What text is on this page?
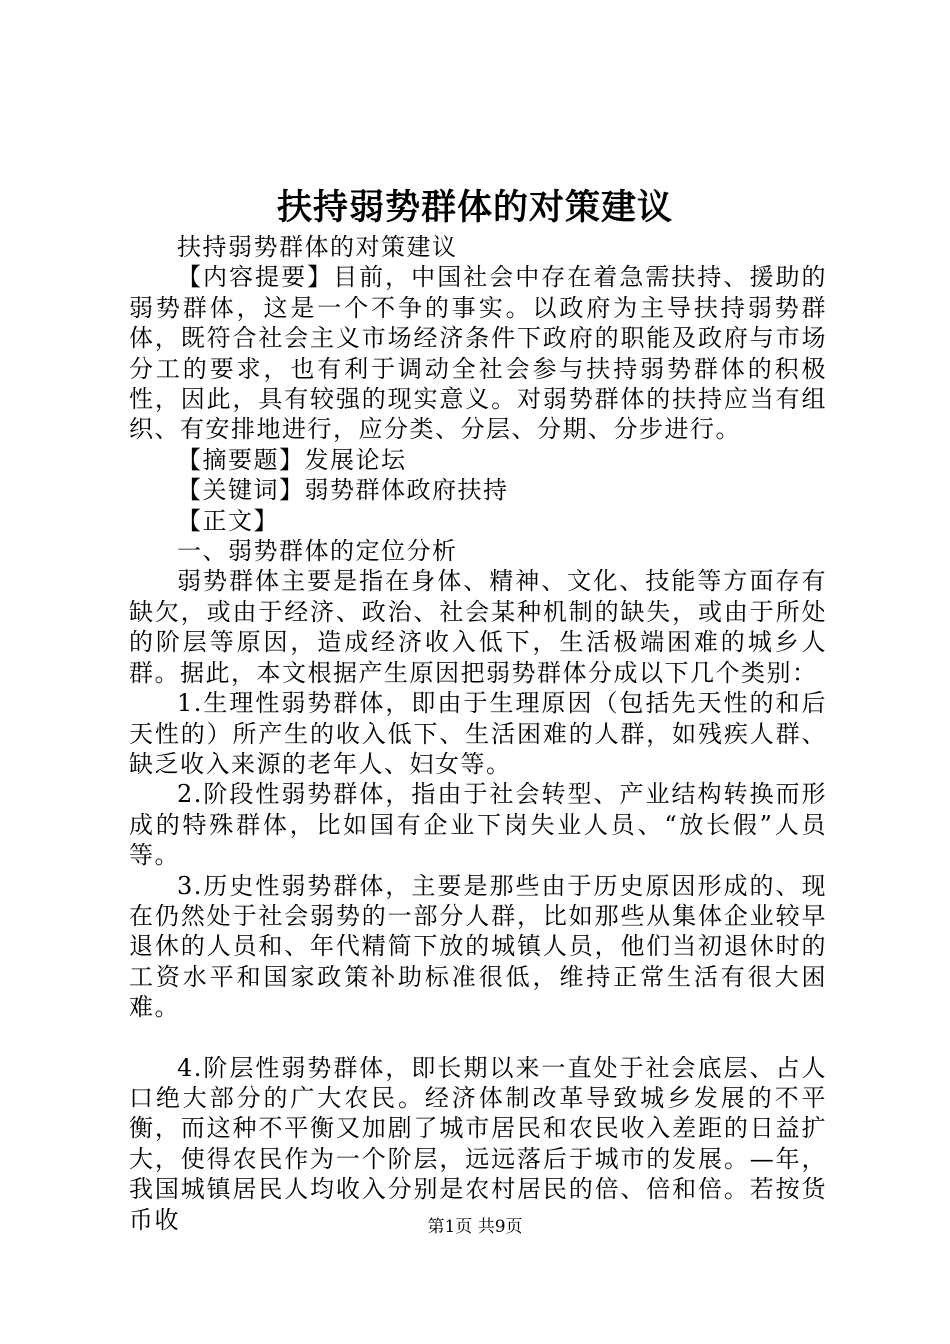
扶持弱势群体的对策建议

扶持弱势群体的对策建议

【内容提要】目前，中国社会中存在着急需扶持、援助的弱势群体，这是一个不争的事实。以政府为主导扶持弱势群体，既符合社会主义市场经济条件下政府的职能及政府与市场分工的要求，也有利于调动全社会参与扶持弱势群体的积极性，因此，具有较强的现实意义。对弱势群体的扶持应当有组织、有安排地进行，应分类、分层、分期、分步进行。

【摘要题】发展论坛

【关键词】弱势群体政府扶持

【正文】

一、弱势群体的定位分析

弱势群体主要是指在身体、精神、文化、技能等方面存有缺欠，或由于经济、政治、社会某种机制的缺失，或由于所处的阶层等原因，造成经济收入低下，生活极端困难的城乡人群。据此，本文根据产生原因把弱势群体分成以下几个类别：

1.生理性弱势群体，即由于生理原因（包括先天性的和后天性的）所产生的收入低下、生活困难的人群，如残疾人群、缺乏收入来源的老年人、妇女等。

2.阶段性弱势群体，指由于社会转型、产业结构转换而形成的特殊群体，比如国有企业下岗失业人员、“放长假”人员等。

3.历史性弱势群体，主要是那些由于历史原因形成的、现在仍然处于社会弱势的一部分人群，比如那些从集体企业较早退休的人员和、年代精简下放的城镇人员，他们当初退休时的工资水平和国家政策补助标准很低，维持正常生活有很大困难。

4.阶层性弱势群体，即长期以来一直处于社会底层、占人口绝大部分的广大农民。经济体制改革导致城乡发展的不平衡，而这种不平衡又加剧了城市居民和农民收入差距的日益扩大，使得农民作为一个阶层，远远落后于城市的发展。—年，我国城镇居民人均收入分别是农村居民的倍、倍和倍。若按货币收	第1页 共9页
